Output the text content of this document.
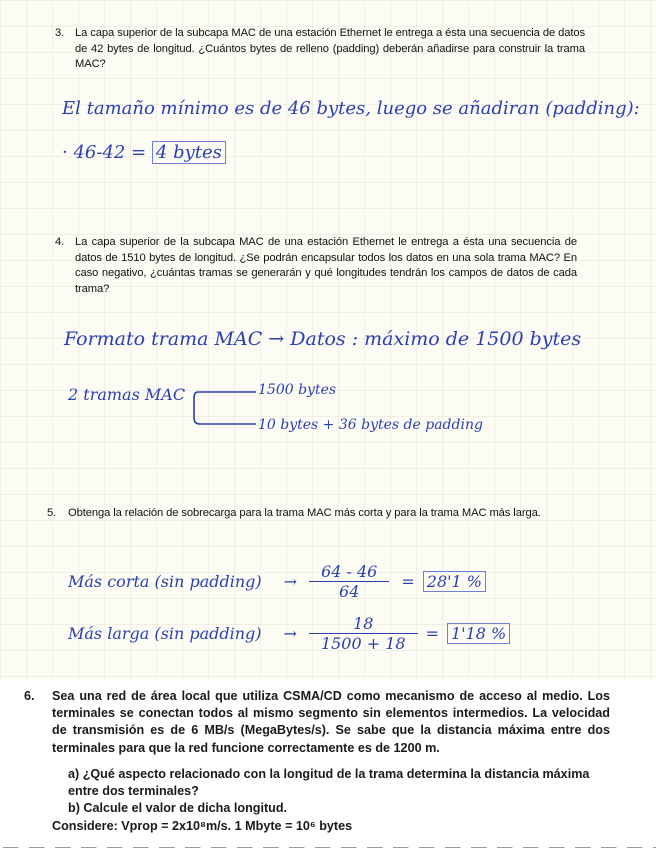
3. La capa superior de la subcapa MAC de una estación Ethernet le entrega a ésta una secuencia de datos de 42 bytes de longitud. ¿Cuántos bytes de relleno (padding) deberán añadirse para construir la trama MAC?
El tamaño mínimo es de 46 bytes, luego se añadiran (padding):
· 46-42 = 4 bytes
4. La capa superior de la subcapa MAC de una estación Ethernet le entrega a ésta una secuencia de datos de 1510 bytes de longitud. ¿Se podrán encapsular todos los datos en una sola trama MAC? En caso negativo, ¿cuántas tramas se generarán y qué longitudes tendrán los campos de datos de cada trama?
Formato trama MAC → Datos : máximo de 1500 bytes
2 tramas MAC	1500 bytes
10 bytes + 36 bytes de padding
5. Obtenga la relación de sobrecarga para la trama MAC más corta y para la trama MAC más larga.
Más corta (sin padding) → $\frac{64 - 46}{64} = 28'1$ %
Más larga (sin padding) → $\frac{18}{1500 + 18} = 1'18$ %
6. Sea una red de área local que utiliza CSMA/CD como mecanismo de acceso al medio. Los terminales se conectan todos al mismo segmento sin elementos intermedios. La velocidad de transmisión es de 6 MB/s (MegaBytes/s). Se sabe que la distancia máxima entre dos terminales para que la red funcione correctamente es de 1200 m.
a) ¿Qué aspecto relacionado con la longitud de la trama determina la distancia máxima entre dos terminales?
b) Calcule el valor de dicha longitud.
Considere: Vprop = 2x10⁸m/s. 1 Mbyte = 10⁶ bytes
